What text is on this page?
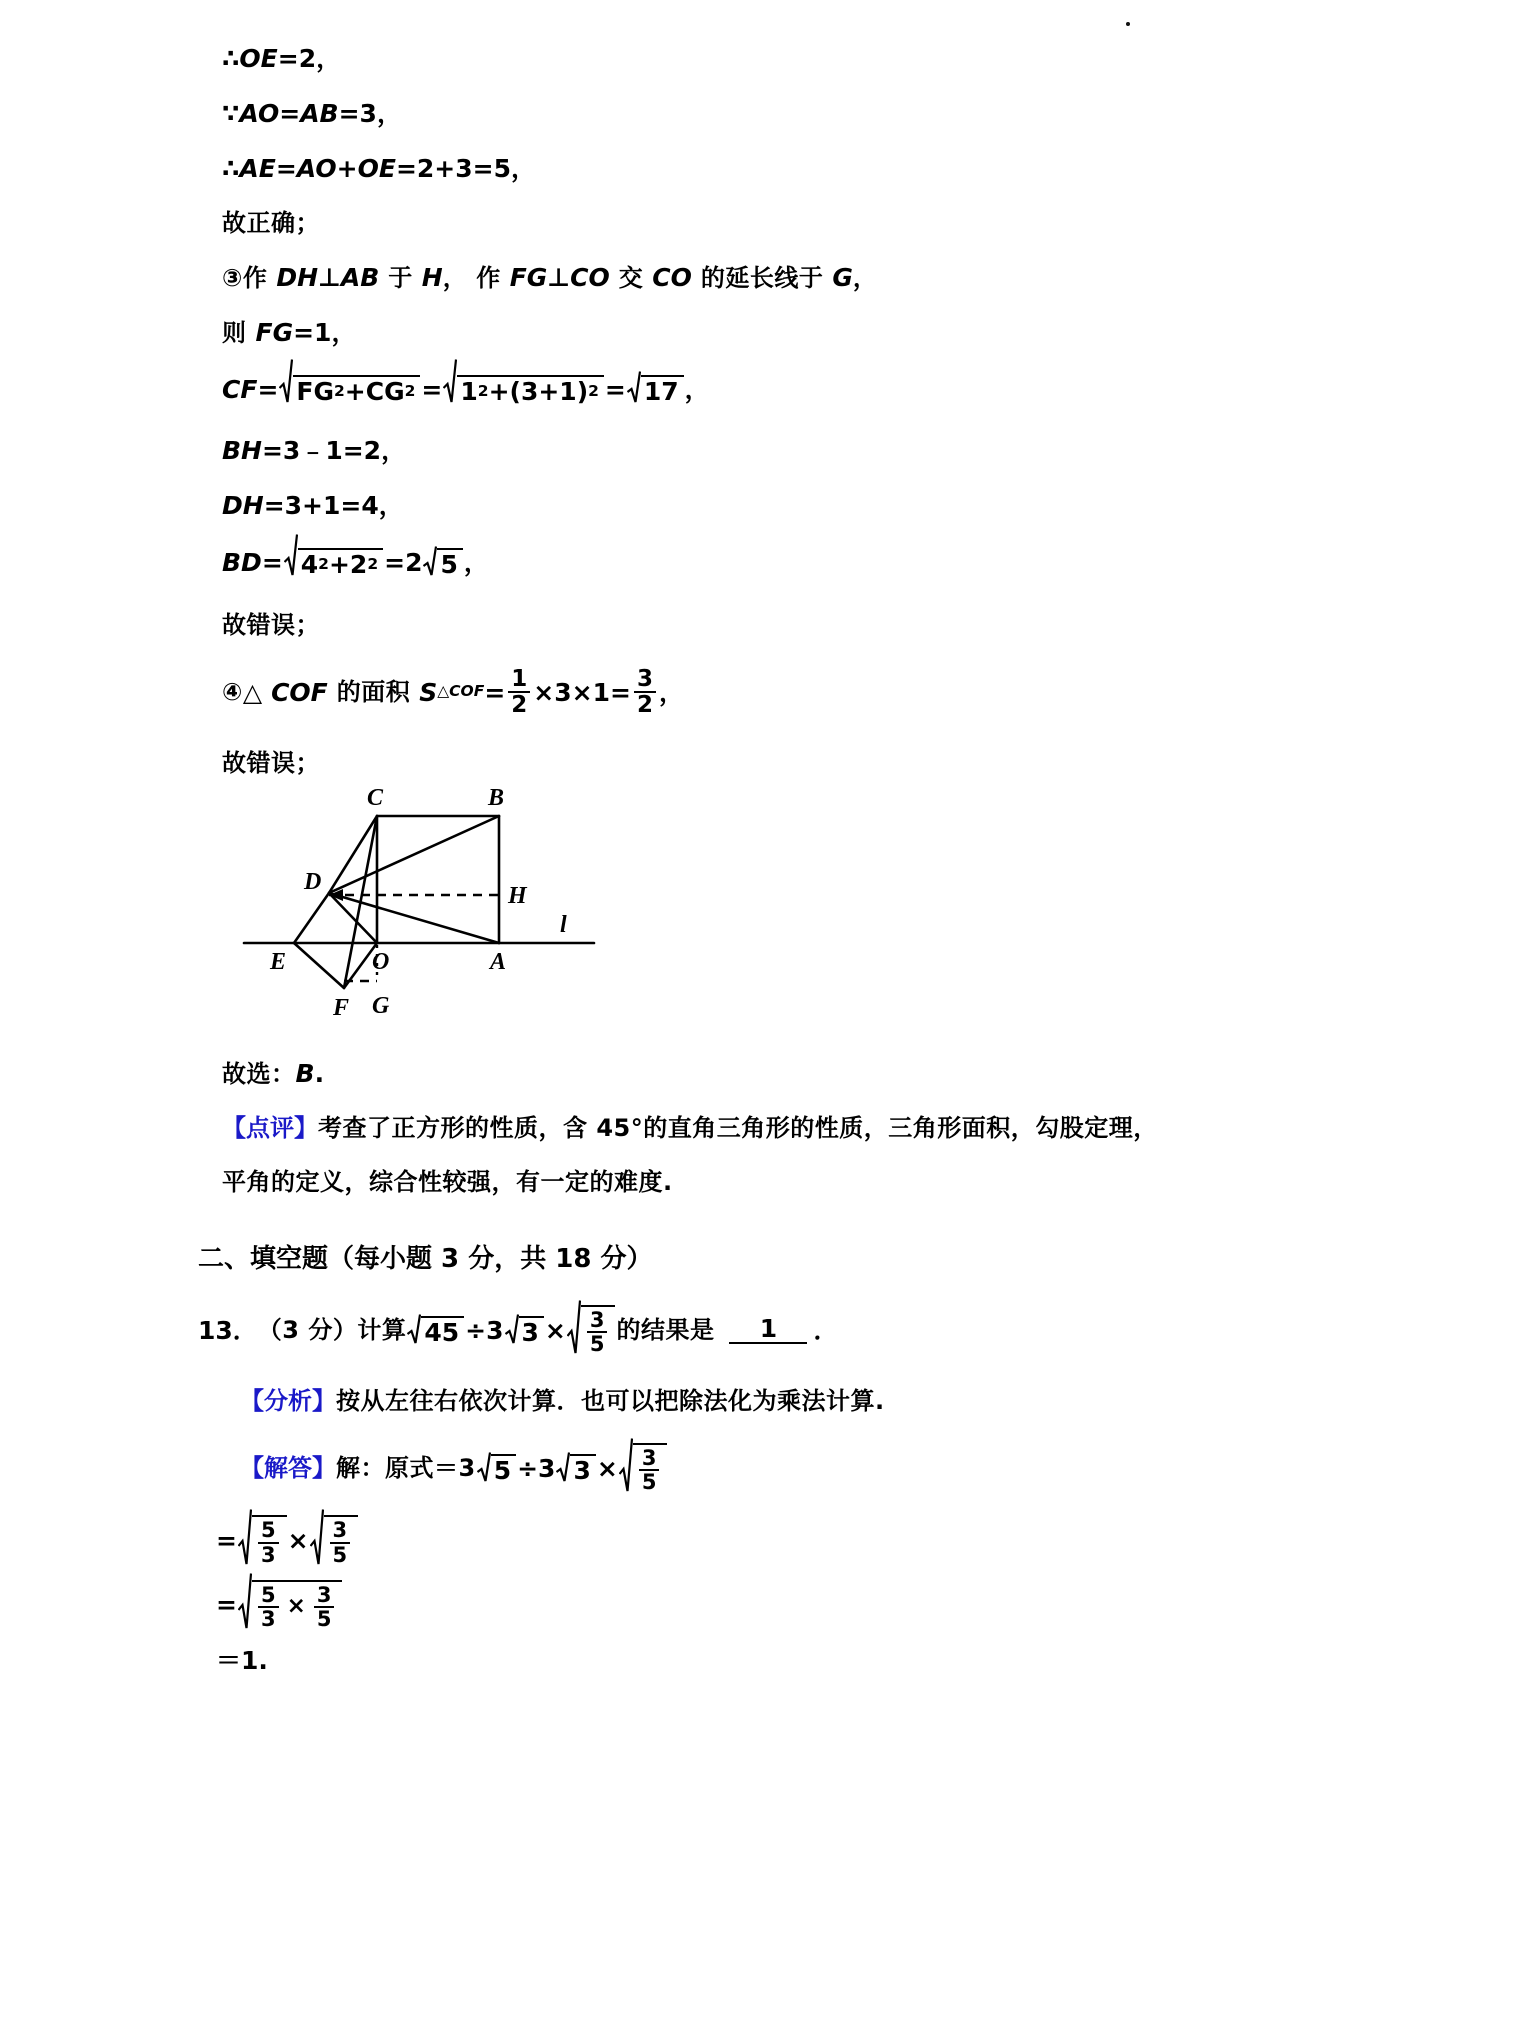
∴ OE =2，
∵ AO = AB =3，
∴ AE = AO + OE =2+3=5，
故正确；
③ 作 DH⊥AB 于 H ， 作 FG⊥CO 交 CO 的延长线于 G ，
则 FG =1，
CF = FG 2 + CG 2 = 1 2 + (3+1) 2 = 17 ，
BH =3﹣1=2，
DH =3+1=4，
BD = 4 2 + 2 2 =2 5 ，
故错误；
④ △ COF 的面积 S △COF = $\frac{1}{2} \times 3\times 1= \frac{3}{2}$ ，
故错误；
C	B
D
H
l
E	O	A
F G
故选： B .
【点评】 考查了正方形的性质，含 45°的直角三角形的性质，三角形面积，勾股定理，
平角的定义，综合性较强，有一定的难度.
二、填空题（每小题 3 分，共 18 分）
13． （3 分） 计算 45 ÷3 $3 \times \frac{3}{5}$ 的结果是	1	．
【分析】 按从左往右依次计算．也可以把除法化为乘法计算.
【解答】 解：原式＝3 5 ÷3 $3 \times \frac{3}{5}$
= $\frac{5}{3} \times \frac{3}{5}$
= $\frac{5}{3} \times \frac{3}{5}$
＝1.
